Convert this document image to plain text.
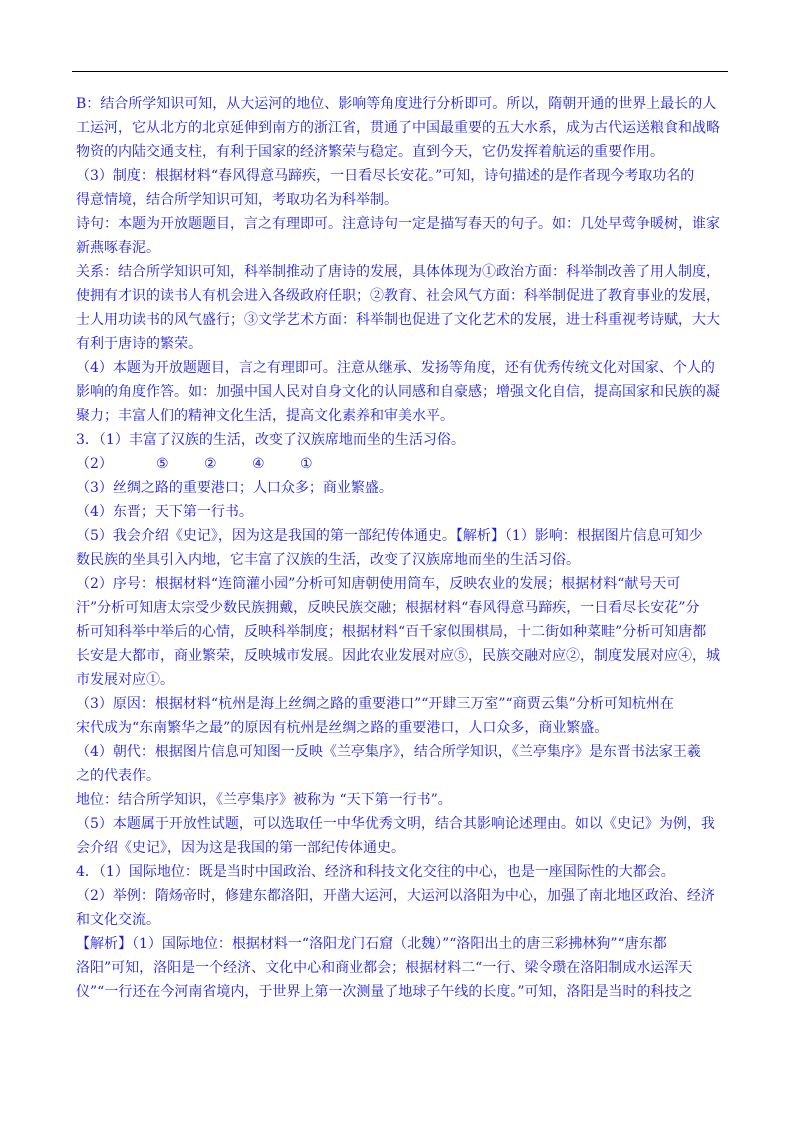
B：结合所学知识可知，从大运河的地位、影响等角度进行分析即可。所以，隋朝开通的世界上最长的人
工运河，它从北方的北京延伸到南方的浙江省，贯通了中国最重要的五大水系，成为古代运送粮食和战略
物资的内陆交通支柱，有利于国家的经济繁荣与稳定。直到今天，它仍发挥着航运的重要作用。
（3）制度：根据材料“春风得意马蹄疾，一日看尽长安花。”可知，诗句描述的是作者现今考取功名的
得意情境，结合所学知识可知，考取功名为科举制。
诗句：本题为开放题题目，言之有理即可。注意诗句一定是描写春天的句子。如：几处早莺争暖树，谁家
新燕啄春泥。
关系：结合所学知识可知，科举制推动了唐诗的发展，具体体现为①政治方面：科举制改善了用人制度，
使拥有才识的读书人有机会进入各级政府任职；②教育、社会风气方面：科举制促进了教育事业的发展，
士人用功读书的风气盛行；③文学艺术方面：科举制也促进了文化艺术的发展，进士科重视考诗赋，大大
有利于唐诗的繁荣。
（4）本题为开放题题目，言之有理即可。注意从继承、发扬等角度，还有优秀传统文化对国家、个人的
影响的角度作答。如：加强中国人民对自身文化的认同感和自豪感；增强文化自信，提高国家和民族的凝
聚力；丰富人们的精神文化生活，提高文化素养和审美水平。
3．（1）丰富了汉族的生活，改变了汉族席地而坐的生活习俗。
（2）	⑤	②	④	①
（3）丝绸之路的重要港口；人口众多；商业繁盛。
（4）东晋；天下第一行书。
（5）我会介绍《史记》，因为这是我国的第一部纪传体通史。【解析】（1）影响：根据图片信息可知少
数民族的坐具引入内地，它丰富了汉族的生活，改变了汉族席地而坐的生活习俗。
（2）序号：根据材料“连筒灌小园”分析可知唐朝使用筒车，反映农业的发展；根据材料“献号天可
汗”分析可知唐太宗受少数民族拥戴，反映民族交融；根据材料“春风得意马蹄疾，一日看尽长安花”分
析可知科举中举后的心情，反映科举制度；根据材料“百千家似围棋局，十二街如种菜畦”分析可知唐都
长安是大都市，商业繁荣，反映城市发展。因此农业发展对应⑤，民族交融对应②，制度发展对应④，城
市发展对应①。
（3）原因：根据材料“杭州是海上丝绸之路的重要港口”“开肆三万室”“商贾云集”分析可知杭州在
宋代成为“东南繁华之最”的原因有杭州是丝绸之路的重要港口，人口众多，商业繁盛。
（4）朝代：根据图片信息可知图一反映《兰亭集序》，结合所学知识，《兰亭集序》是东晋书法家王羲
之的代表作。
地位：结合所学知识，《兰亭集序》被称为 “天下第一行书”。
（5）本题属于开放性试题，可以选取任一中华优秀文明，结合其影响论述理由。如以《史记》为例，我
会介绍《史记》，因为这是我国的第一部纪传体通史。
4．（1）国际地位：既是当时中国政治、经济和科技文化交往的中心，也是一座国际性的大都会。
（2）举例：隋炀帝时，修建东都洛阳，开凿大运河，大运河以洛阳为中心，加强了南北地区政治、经济
和文化交流。
【解析】（1）国际地位：根据材料一“洛阳龙门石窟（北魏）”“洛阳出土的唐三彩拂林狗”“唐东都
洛阳”可知，洛阳是一个经济、文化中心和商业都会；根据材料二“一行、梁令瓒在洛阳制成水运浑天
仪”“一行还在今河南省境内，于世界上第一次测量了地球子午线的长度。”可知，洛阳是当时的科技之
